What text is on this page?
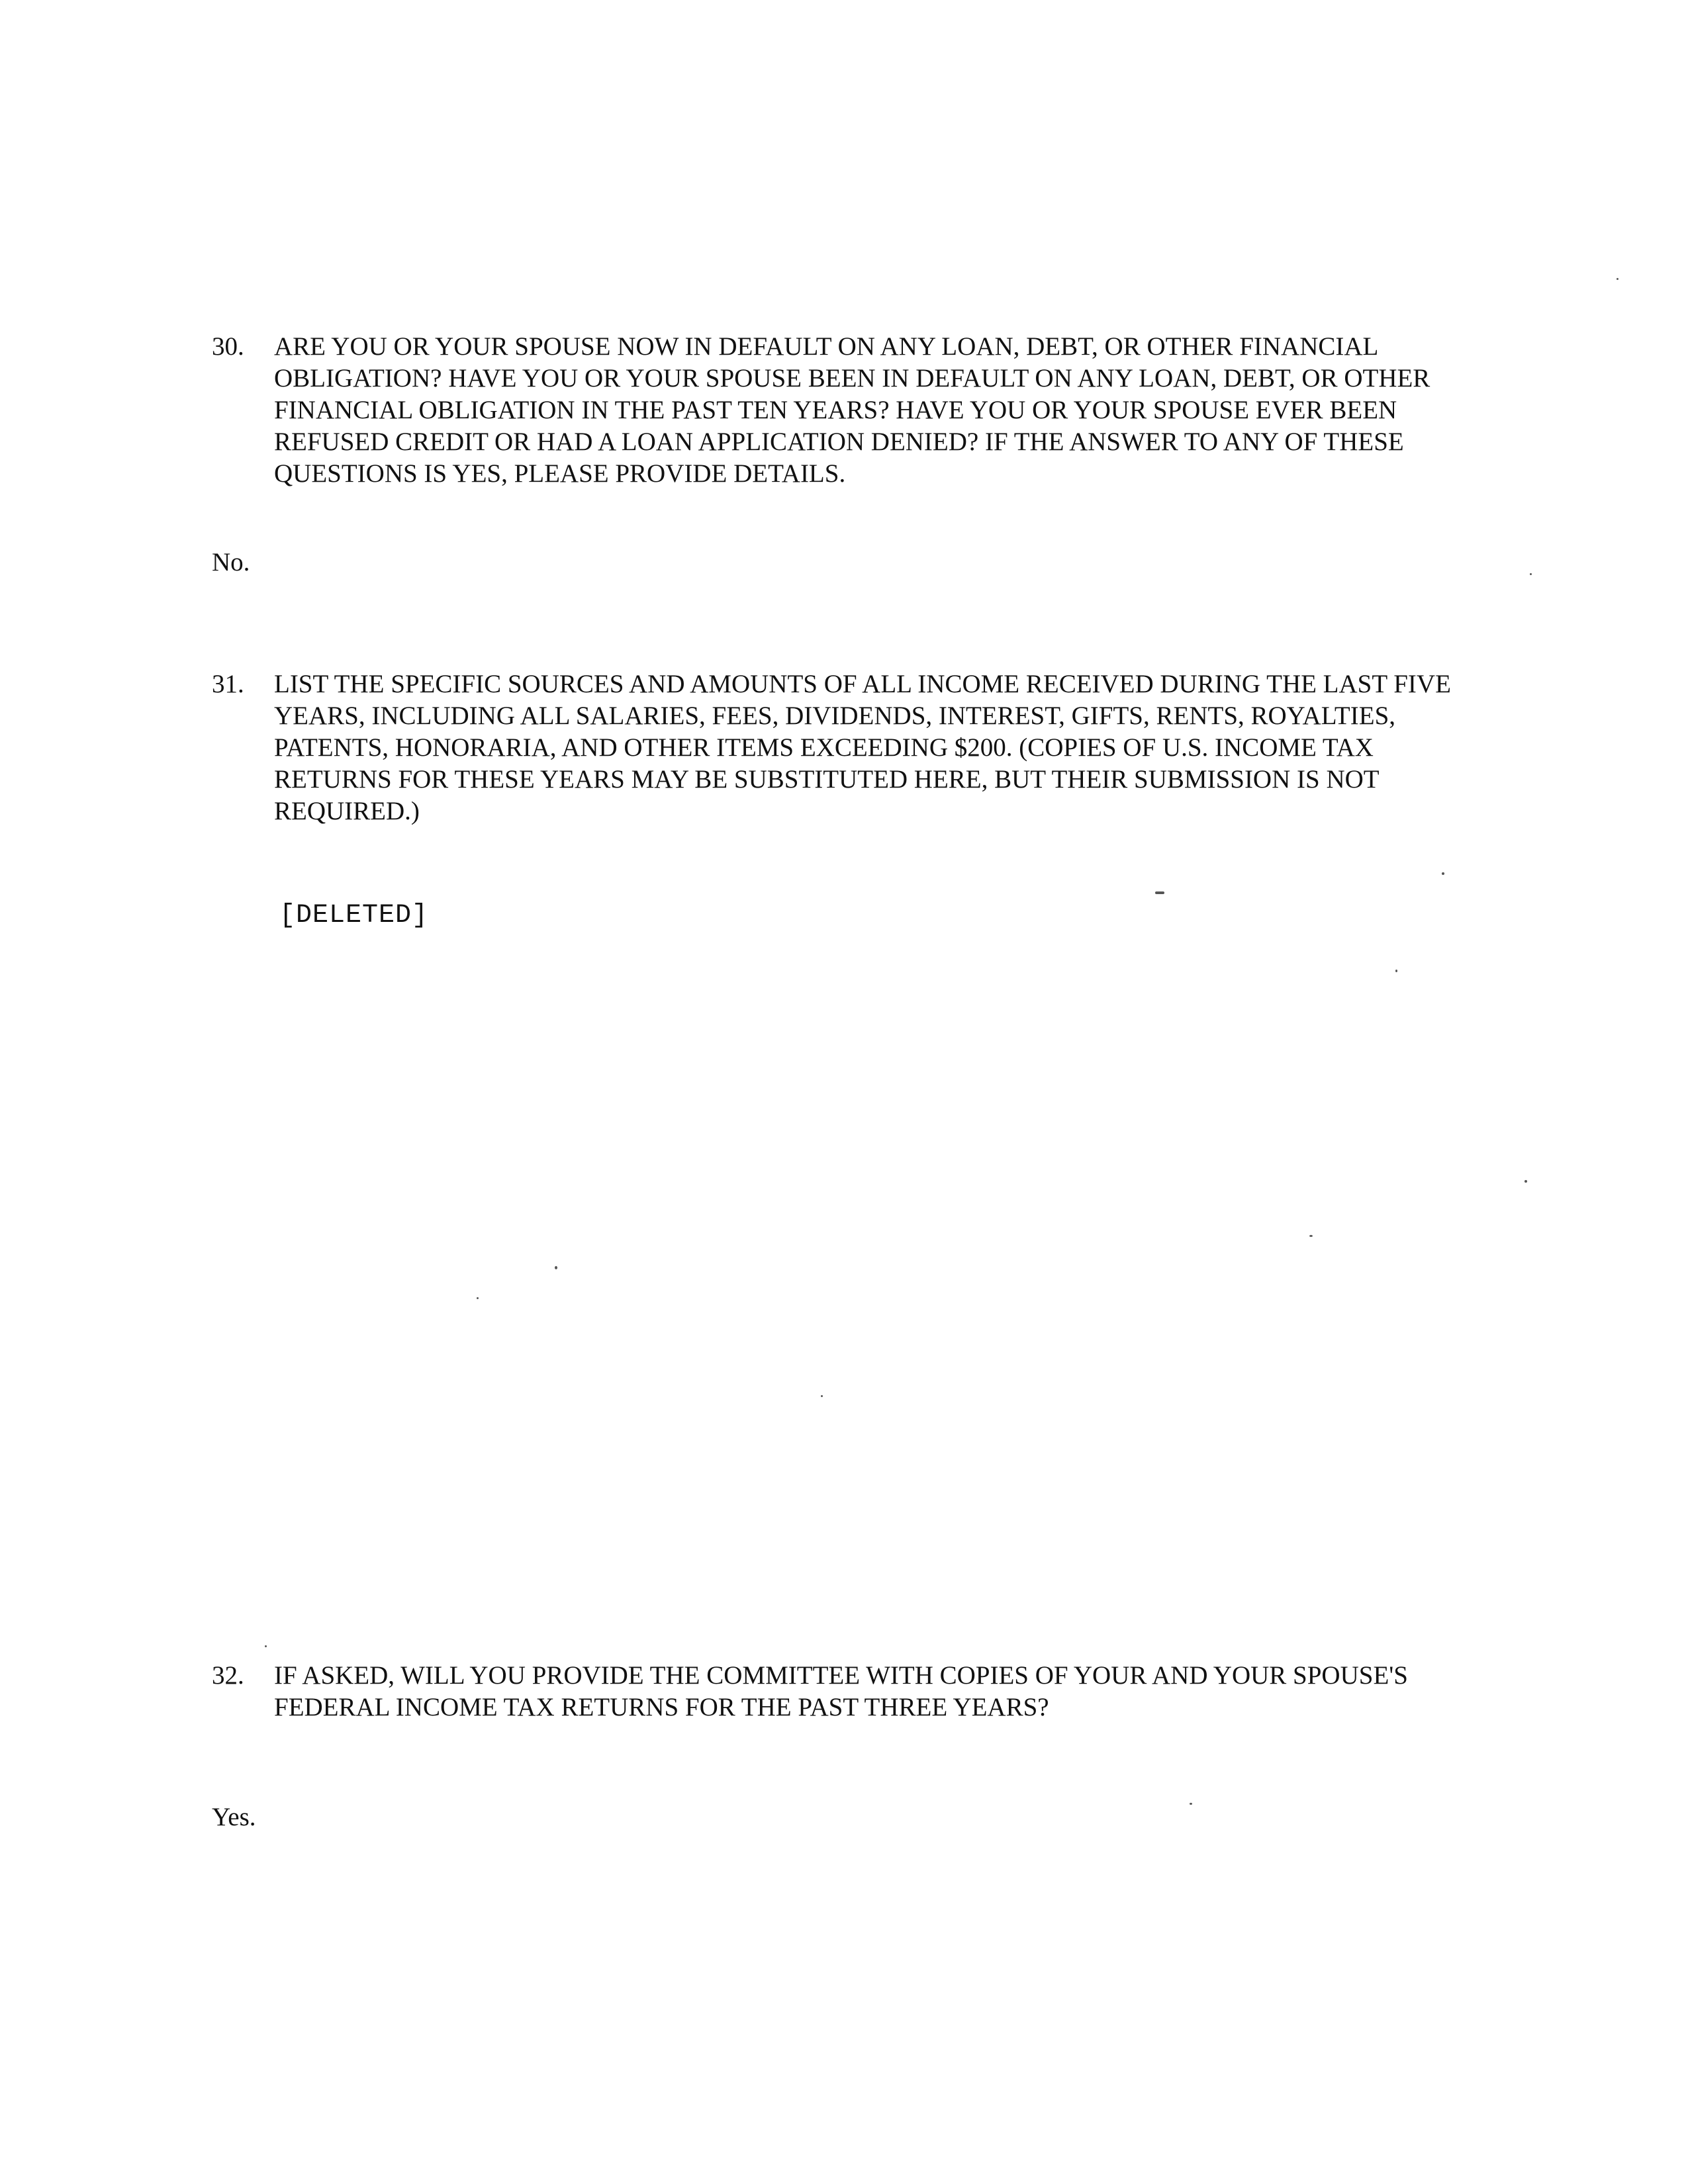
30.	ARE YOU OR YOUR SPOUSE NOW IN DEFAULT ON ANY LOAN, DEBT, OR OTHER FINANCIAL OBLIGATION? HAVE YOU OR YOUR SPOUSE BEEN IN DEFAULT ON ANY LOAN, DEBT, OR OTHER FINANCIAL OBLIGATION IN THE PAST TEN YEARS? HAVE YOU OR YOUR SPOUSE EVER BEEN REFUSED CREDIT OR HAD A LOAN APPLICATION DENIED? IF THE ANSWER TO ANY OF THESE QUESTIONS IS YES, PLEASE PROVIDE DETAILS.
No.
31.	LIST THE SPECIFIC SOURCES AND AMOUNTS OF ALL INCOME RECEIVED DURING THE LAST FIVE YEARS, INCLUDING ALL SALARIES, FEES, DIVIDENDS, INTEREST, GIFTS, RENTS, ROYALTIES, PATENTS, HONORARIA, AND OTHER ITEMS EXCEEDING $200. (COPIES OF U.S. INCOME TAX RETURNS FOR THESE YEARS MAY BE SUBSTITUTED HERE, BUT THEIR SUBMISSION IS NOT REQUIRED.)
[DELETED]
32.	IF ASKED, WILL YOU PROVIDE THE COMMITTEE WITH COPIES OF YOUR AND YOUR SPOUSE'S FEDERAL INCOME TAX RETURNS FOR THE PAST THREE YEARS?
Yes.
